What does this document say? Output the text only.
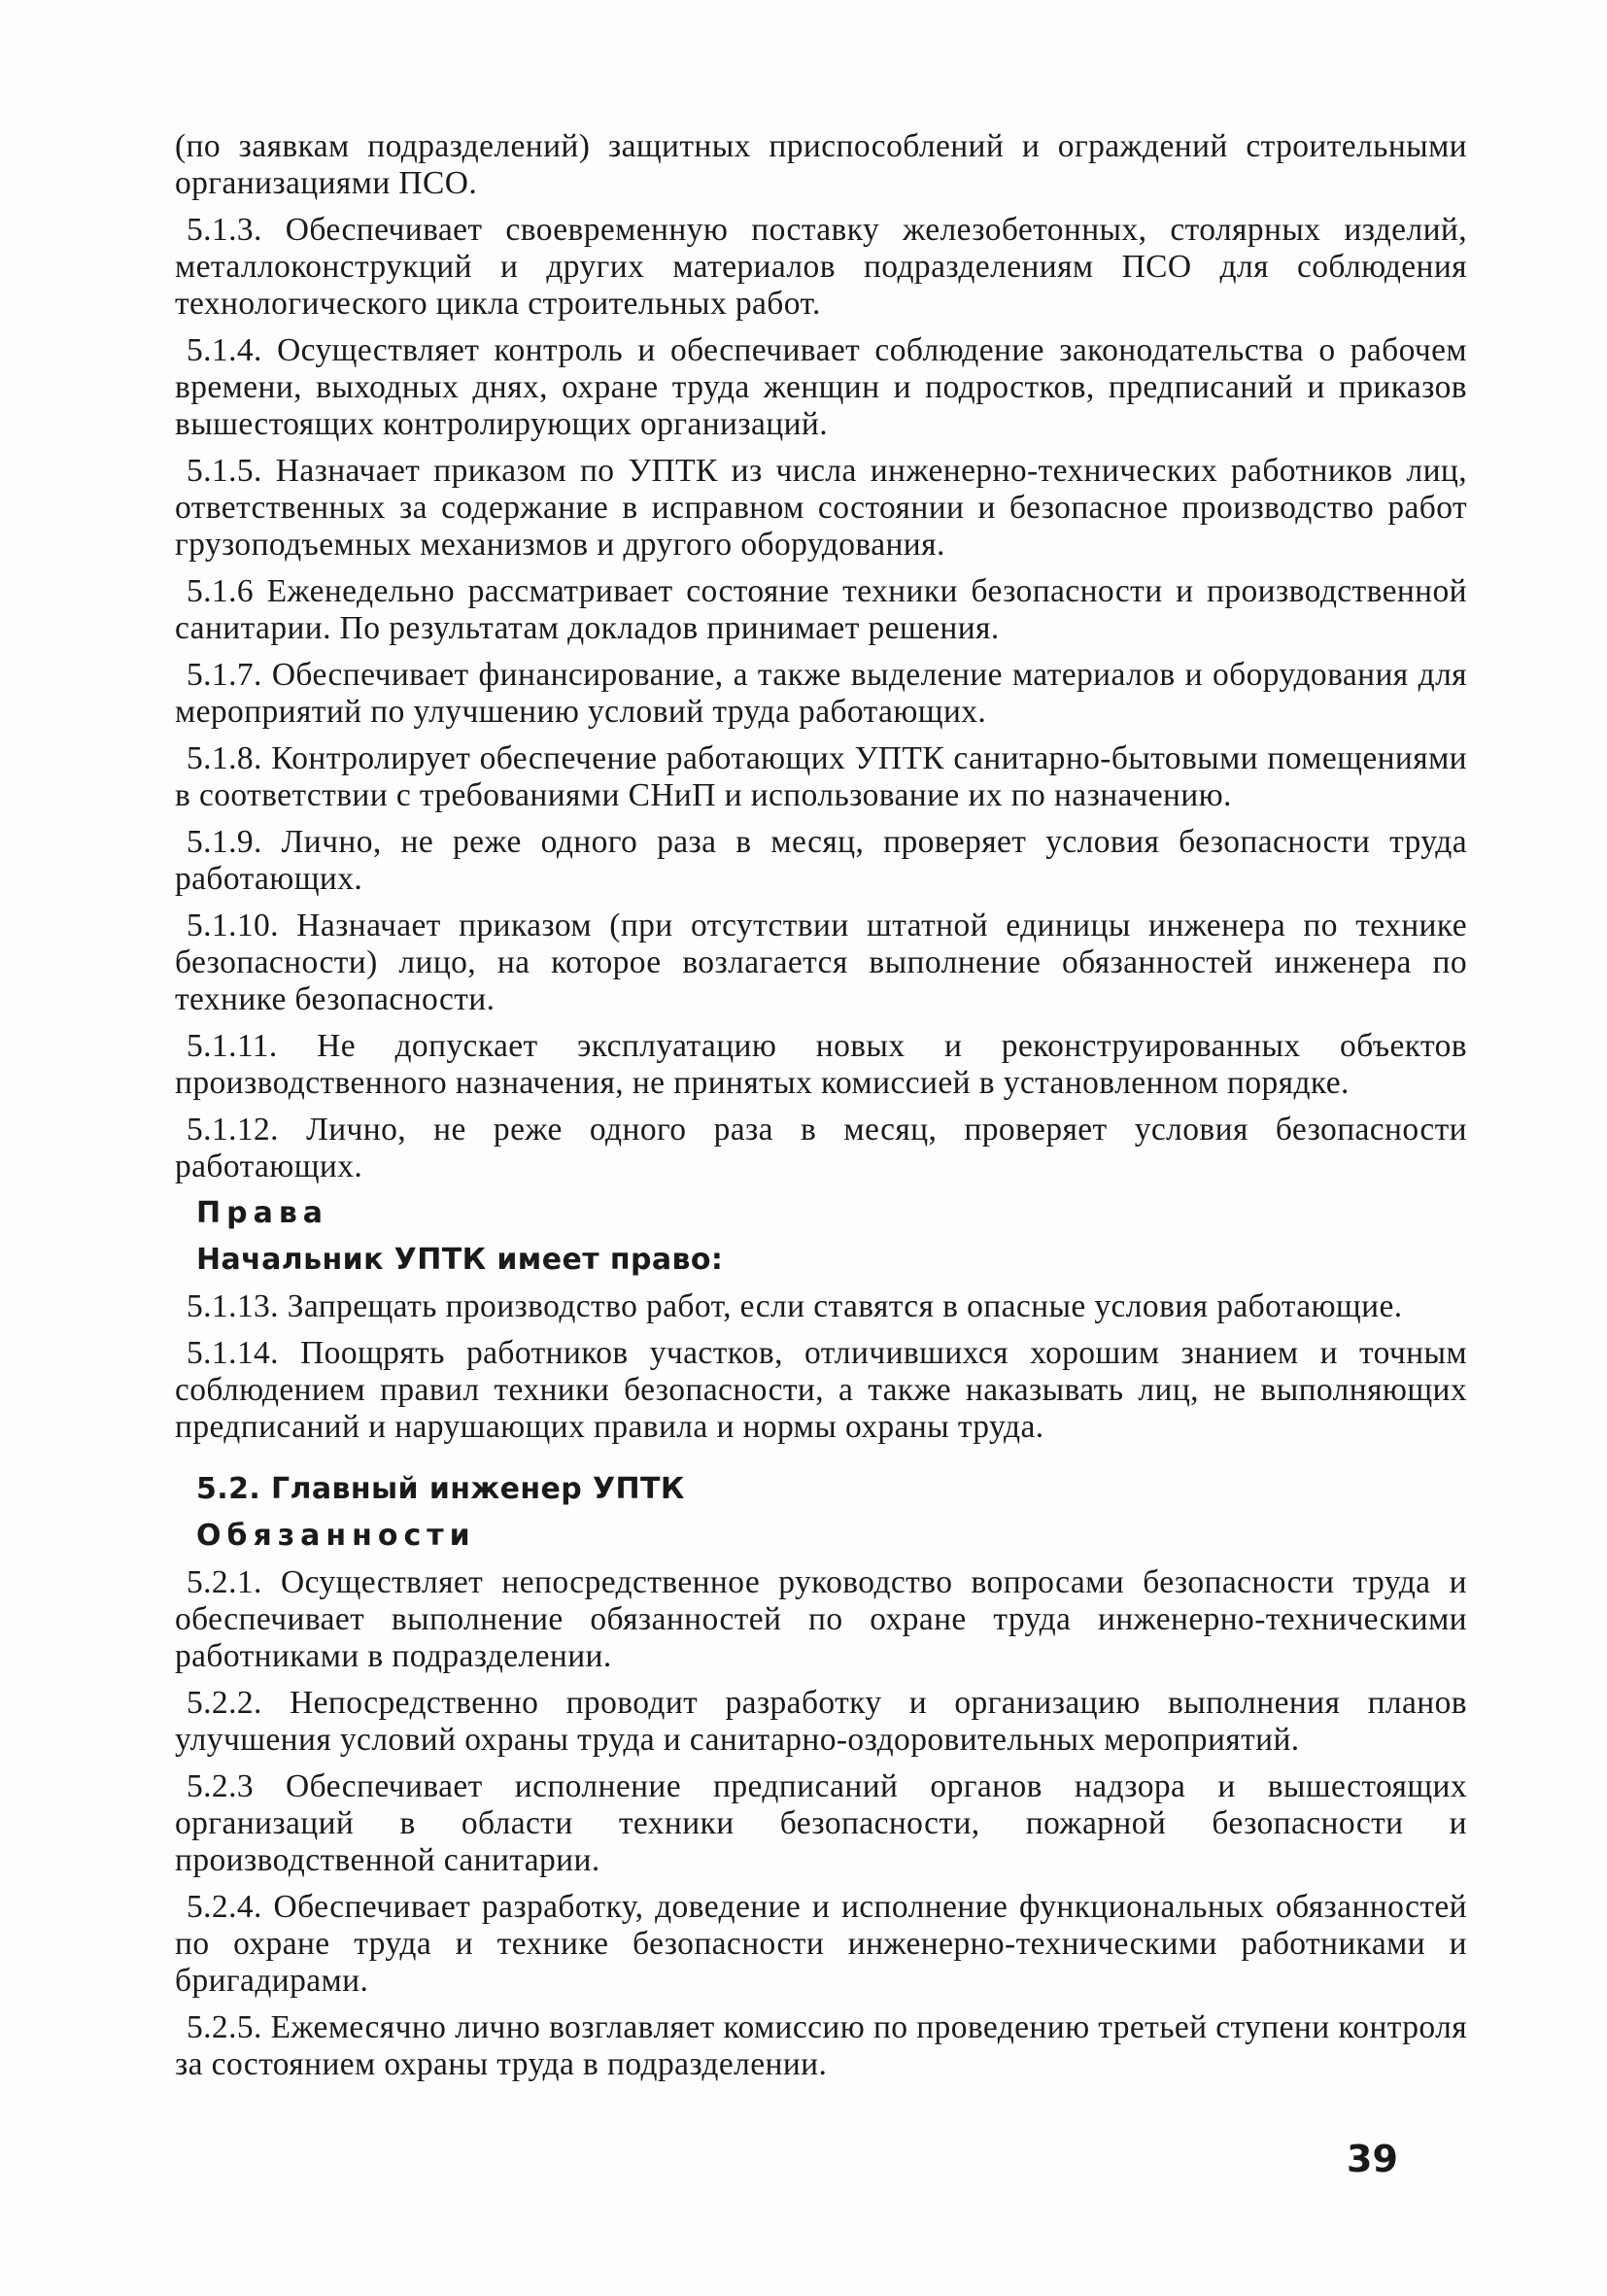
(по заявкам подразделений) защитных приспособлений и ограждений строительными организациями ПСО.

5.1.3. Обеспечивает своевременную поставку железобетонных, столярных изделий, металлоконструкций и других материалов подразделениям ПСО для соблюдения технологического цикла строительных работ.

5.1.4. Осуществляет контроль и обеспечивает соблюдение законодательства о рабочем времени, выходных днях, охране труда женщин и подростков, предписаний и приказов вышестоящих контролирующих организаций.

5.1.5. Назначает приказом по УПТК из числа инженерно-технических работников лиц, ответственных за содержание в исправном состоянии и безопасное производство работ грузоподъемных механизмов и другого оборудования.

5.1.6 Еженедельно рассматривает состояние техники безопасности и производственной санитарии. По результатам докладов принимает решения.

5.1.7. Обеспечивает финансирование, а также выделение материалов и оборудования для мероприятий по улучшению условий труда работающих.

5.1.8. Контролирует обеспечение работающих УПТК санитарно-бытовыми помещениями в соответствии с требованиями СНиП и использование их по назначению.

5.1.9. Лично, не реже одного раза в месяц, проверяет условия безопасности труда работающих.

5.1.10. Назначает приказом (при отсутствии штатной единицы инженера по технике безопасности) лицо, на которое возлагается выполнение обязанностей инженера по технике безопасности.

5.1.11. Не допускает эксплуатацию новых и реконструированных объектов производственного назначения, не принятых комиссией в установленном порядке.

5.1.12. Лично, не реже одного раза в месяц, проверяет условия безопасности работающих.

Права
Начальник УПТК имеет право:

5.1.13. Запрещать производство работ, если ставятся в опасные условия работающие.

5.1.14. Поощрять работников участков, отличившихся хорошим знанием и точным соблюдением правил техники безопасности, а также наказывать лиц, не выполняющих предписаний и нарушающих правила и нормы охраны труда.

5.2. Главный инженер УПТК
Обязанности

5.2.1. Осуществляет непосредственное руководство вопросами безопасности труда и обеспечивает выполнение обязанностей по охране труда инженерно-техническими работниками в подразделении.

5.2.2. Непосредственно проводит разработку и организацию выполнения планов улучшения условий охраны труда и санитарно-оздоровительных мероприятий.

5.2.3 Обеспечивает исполнение предписаний органов надзора и вышестоящих организаций в области техники безопасности, пожарной безопасности и производственной санитарии.

5.2.4. Обеспечивает разработку, доведение и исполнение функциональных обязанностей по охране труда и технике безопасности инженерно-техническими работниками и бригадирами.

5.2.5. Ежемесячно лично возглавляет комиссию по проведению третьей ступени контроля за состоянием охраны труда в подразделении.

39
